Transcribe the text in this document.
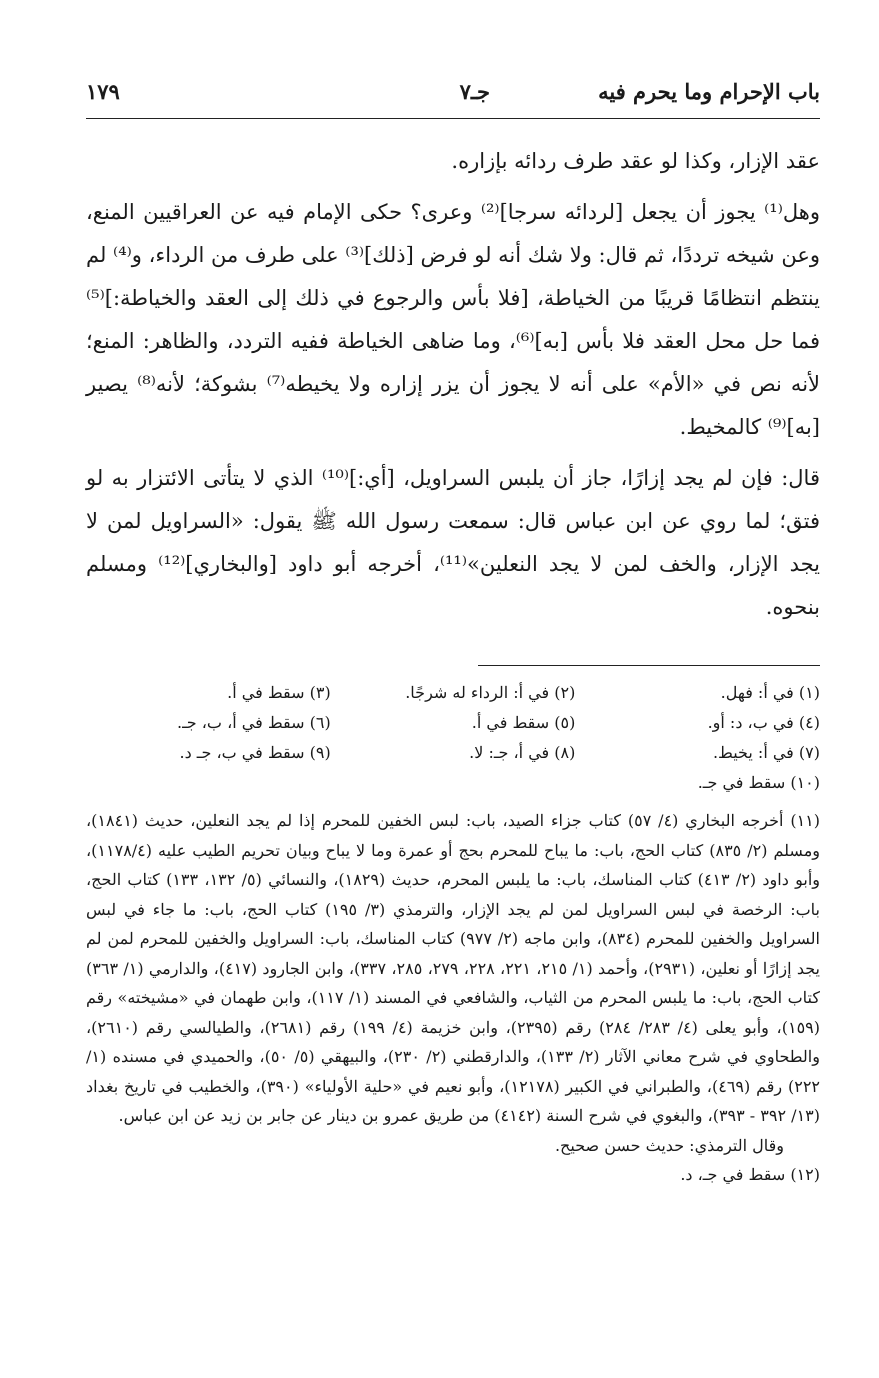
باب الإحرام وما يحرم فيه
جـ٧
١٧٩

عقد الإزار، وكذا لو عقد طرف ردائه بإزاره.

وهل⁽¹⁾ يجوز أن يجعل [لردائه سرجا]⁽²⁾ وعرى؟ حكى الإمام فيه عن العراقيين المنع، وعن شيخه ترددًا، ثم قال: ولا شك أنه لو فرض [ذلك]⁽³⁾ على طرف من الرداء، و⁽⁴⁾ لم ينتظم انتظامًا قريبًا من الخياطة، [فلا بأس والرجوع في ذلك إلى العقد والخياطة:]⁽⁵⁾ فما حل محل العقد فلا بأس [به]⁽⁶⁾، وما ضاهى الخياطة ففيه التردد، والظاهر: المنع؛ لأنه نص في «الأم» على أنه لا يجوز أن يزر إزاره ولا يخيطه⁽⁷⁾ بشوكة؛ لأنه⁽⁸⁾ يصير [به]⁽⁹⁾ كالمخيط.

قال: فإن لم يجد إزارًا، جاز أن يلبس السراويل، [أي:]⁽¹⁰⁾ الذي لا يتأتى الائتزار به لو فتق؛ لما روي عن ابن عباس قال: سمعت رسول الله ﷺ يقول: «السراويل لمن لا يجد الإزار، والخف لمن لا يجد النعلين»⁽¹¹⁾، أخرجه أبو داود [والبخاري]⁽¹²⁾ ومسلم بنحوه.

(١) في أ: فهل.
(٢) في أ: الرداء له شرجًا.
(٣) سقط في أ.
(٤) في ب، د: أو.
(٥) سقط في أ.
(٦) سقط في أ، ب، جـ.
(٧) في أ: يخيط.
(٨) في أ، جـ: لا.
(٩) سقط في ب، جـ د.
(١٠) سقط في جـ.

(١١) أخرجه البخاري (٤/ ٥٧) كتاب جزاء الصيد، باب: لبس الخفين للمحرم إذا لم يجد النعلين، حديث (١٨٤١)، ومسلم (٢/ ٨٣٥) كتاب الحج، باب: ما يباح للمحرم بحج أو عمرة وما لا يباح وبيان تحريم الطيب عليه (١١٧٨/٤)، وأبو داود (٢/ ٤١٣) كتاب المناسك، باب: ما يلبس المحرم، حديث (١٨٢٩)، والنسائي (٥/ ١٣٢، ١٣٣) كتاب الحج، باب: الرخصة في لبس السراويل لمن لم يجد الإزار، والترمذي (٣/ ١٩٥) كتاب الحج، باب: ما جاء في لبس السراويل والخفين للمحرم (٨٣٤)، وابن ماجه (٢/ ٩٧٧) كتاب المناسك، باب: السراويل والخفين للمحرم لمن لم يجد إزارًا أو نعلين، (٢٩٣١)، وأحمد (١/ ٢١٥، ٢٢١، ٢٢٨، ٢٧٩، ٢٨٥، ٣٣٧)، وابن الجارود (٤١٧)، والدارمي (١/ ٣٦٣) كتاب الحج، باب: ما يلبس المحرم من الثياب، والشافعي في المسند (١/ ١١٧)، وابن طهمان في «مشيخته» رقم (١٥٩)، وأبو يعلى (٤/ ٢٨٣/ ٢٨٤) رقم (٢٣٩٥)، وابن خزيمة (٤/ ١٩٩) رقم (٢٦٨١)، والطيالسي رقم (٢٦١٠)، والطحاوي في شرح معاني الآثار (٢/ ١٣٣)، والدارقطني (٢/ ٢٣٠)، والبيهقي (٥/ ٥٠)، والحميدي في مسنده (١/ ٢٢٢) رقم (٤٦٩)، والطبراني في الكبير (١٢١٧٨)، وأبو نعيم في «حلية الأولياء» (٣٩٠)، والخطيب في تاريخ بغداد (١٣/ ٣٩٢ - ٣٩٣)، والبغوي في شرح السنة (٤١٤٢) من طريق عمرو بن دينار عن جابر بن زيد عن ابن عباس.

وقال الترمذي: حديث حسن صحيح.

(١٢) سقط في جـ، د.
